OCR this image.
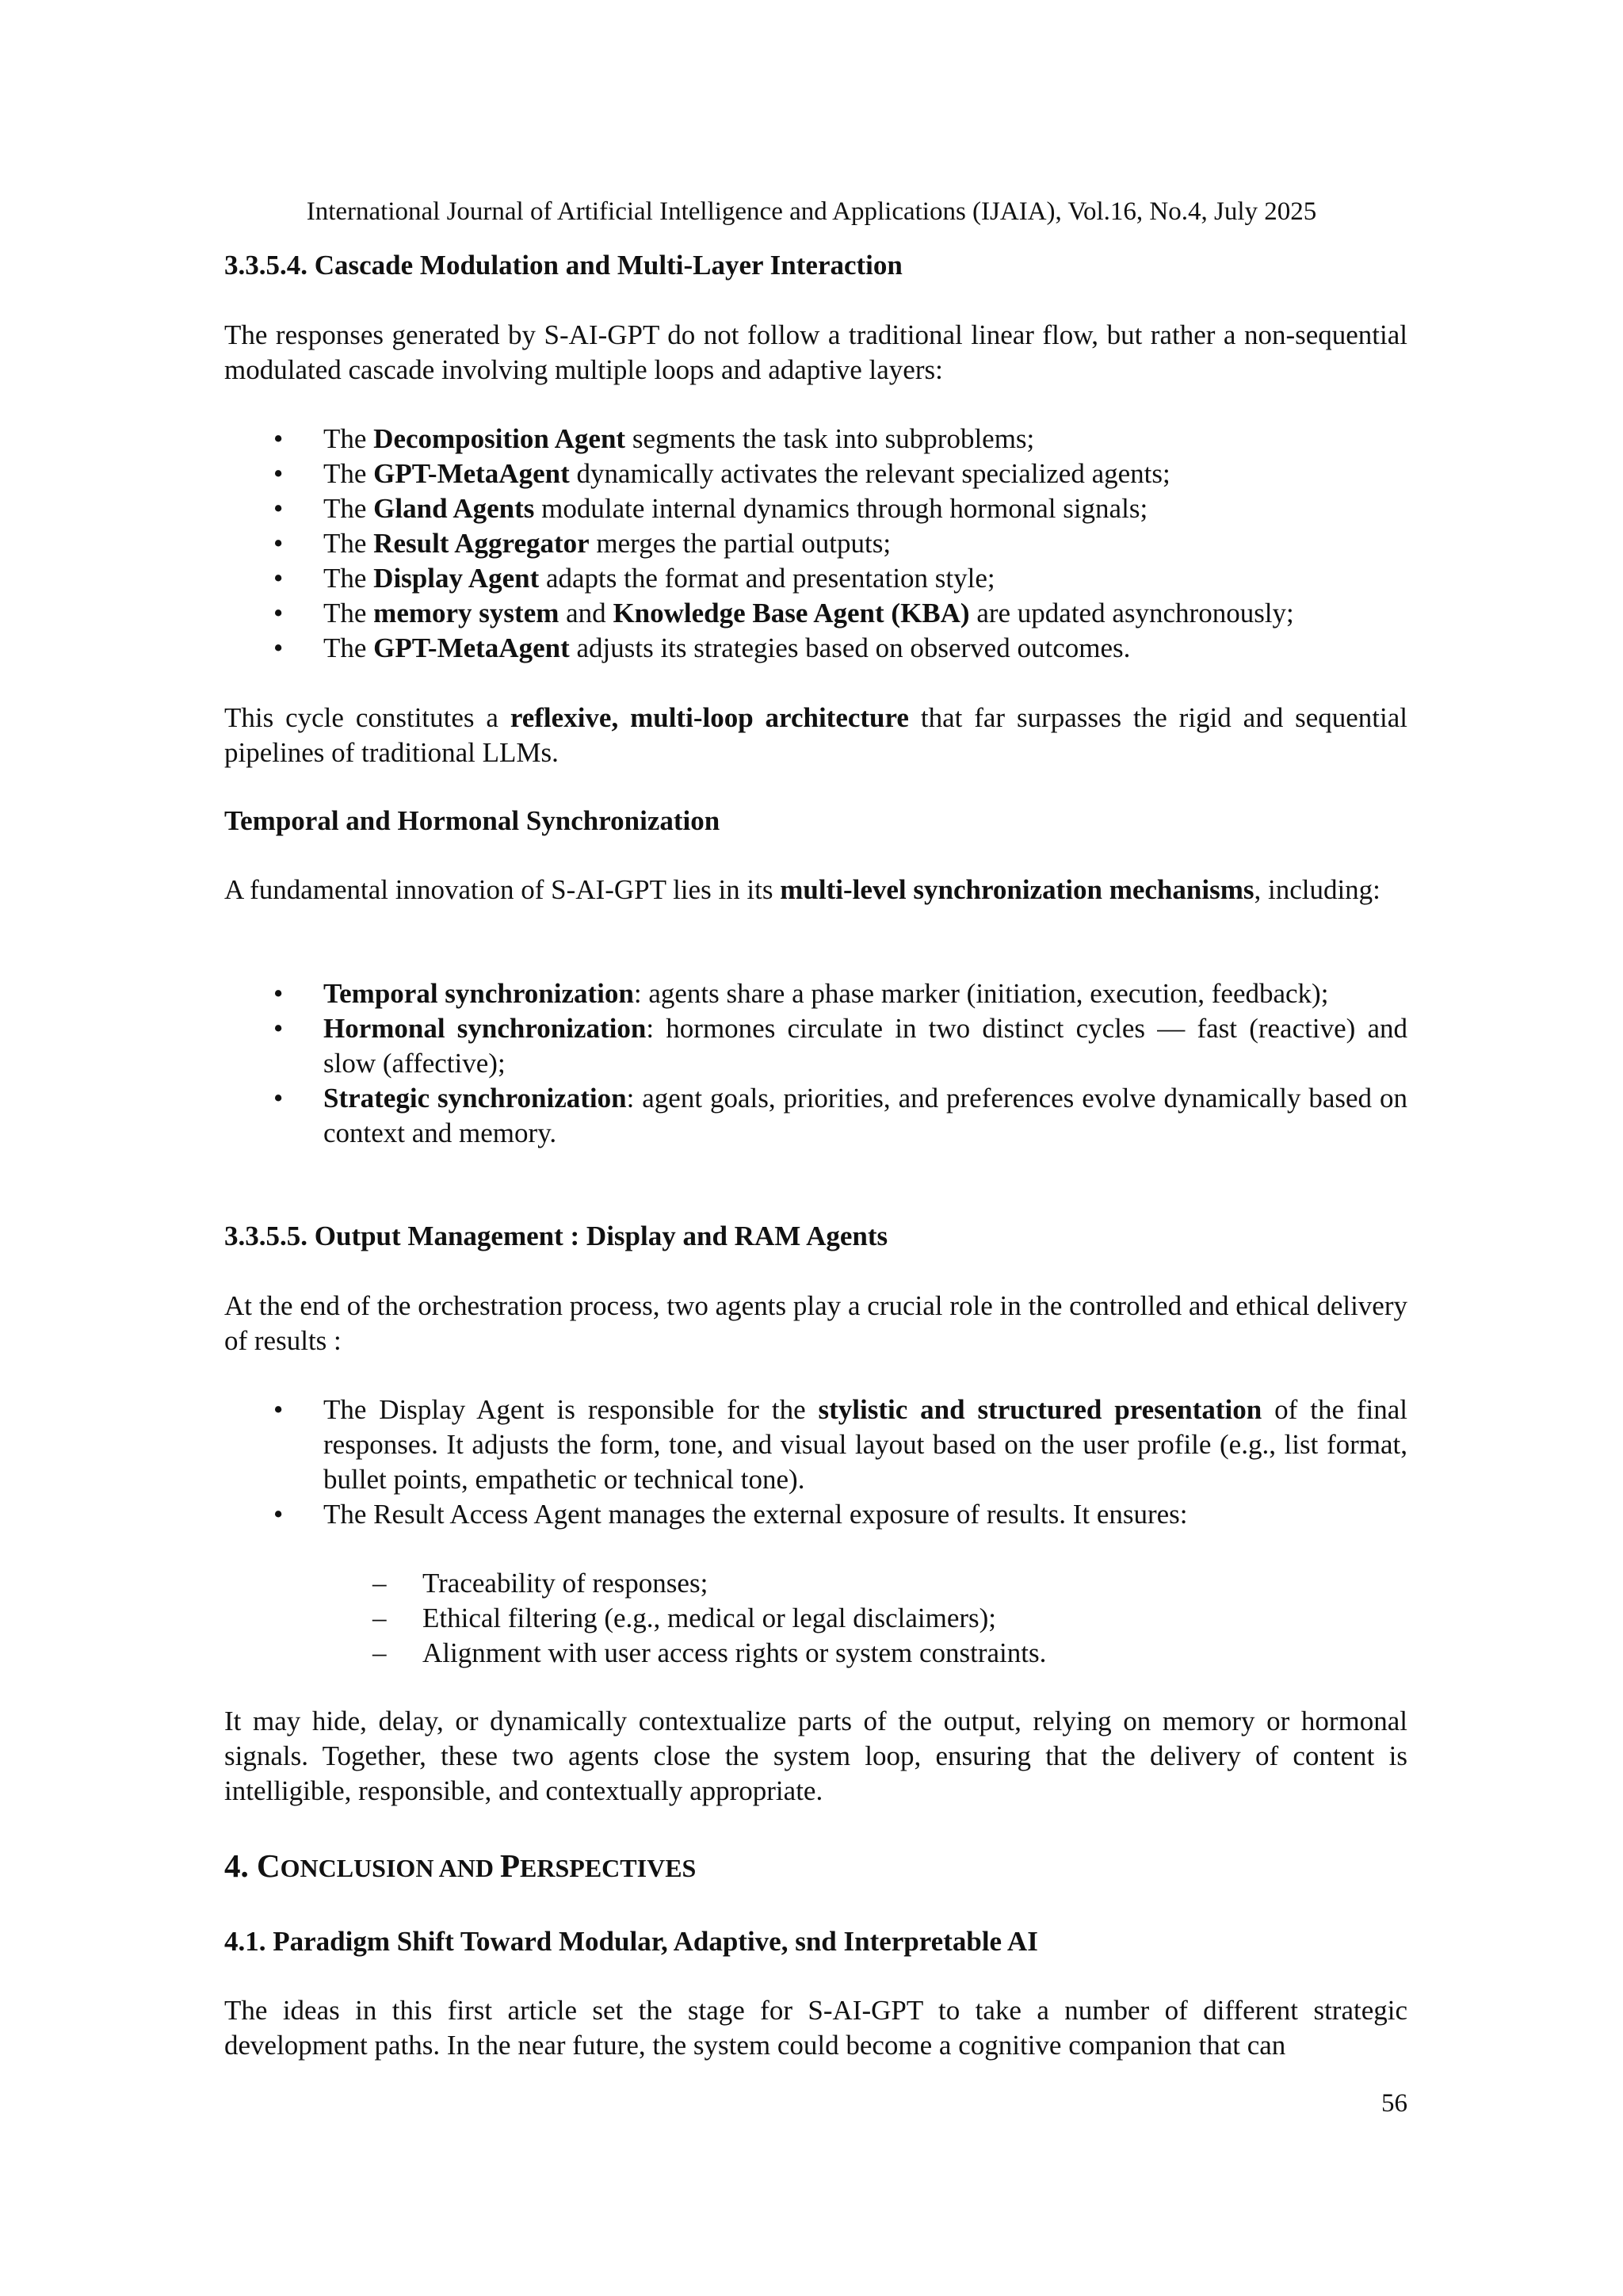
International Journal of Artificial Intelligence and Applications (IJAIA), Vol.16, No.4, July 2025
3.3.5.4. Cascade Modulation and Multi-Layer Interaction
The responses generated by S-AI-GPT do not follow a traditional linear flow, but rather a non-sequential modulated cascade involving multiple loops and adaptive layers:
• The Decomposition Agent segments the task into subproblems;
• The GPT-MetaAgent dynamically activates the relevant specialized agents;
• The Gland Agents modulate internal dynamics through hormonal signals;
• The Result Aggregator merges the partial outputs;
• The Display Agent adapts the format and presentation style;
• The memory system and Knowledge Base Agent (KBA) are updated asynchronously;
• The GPT-MetaAgent adjusts its strategies based on observed outcomes.
This cycle constitutes a reflexive, multi-loop architecture that far surpasses the rigid and sequential pipelines of traditional LLMs.
Temporal and Hormonal Synchronization
A fundamental innovation of S-AI-GPT lies in its multi-level synchronization mechanisms, including:
• Temporal synchronization: agents share a phase marker (initiation, execution, feedback);
• Hormonal synchronization: hormones circulate in two distinct cycles — fast (reactive) and slow (affective);
• Strategic synchronization: agent goals, priorities, and preferences evolve dynamically based on context and memory.
3.3.5.5. Output Management : Display and RAM Agents
At the end of the orchestration process, two agents play a crucial role in the controlled and ethical delivery of results :
• The Display Agent is responsible for the stylistic and structured presentation of the final responses. It adjusts the form, tone, and visual layout based on the user profile (e.g., list format, bullet points, empathetic or technical tone).
• The Result Access Agent manages the external exposure of results. It ensures:
– Traceability of responses;
– Ethical filtering (e.g., medical or legal disclaimers);
– Alignment with user access rights or system constraints.
It may hide, delay, or dynamically contextualize parts of the output, relying on memory or hormonal signals. Together, these two agents close the system loop, ensuring that the delivery of content is intelligible, responsible, and contextually appropriate.
4. CONCLUSION AND PERSPECTIVES
4.1. Paradigm Shift Toward Modular, Adaptive, snd Interpretable AI
The ideas in this first article set the stage for S-AI-GPT to take a number of different strategic development paths. In the near future, the system could become a cognitive companion that can
56
